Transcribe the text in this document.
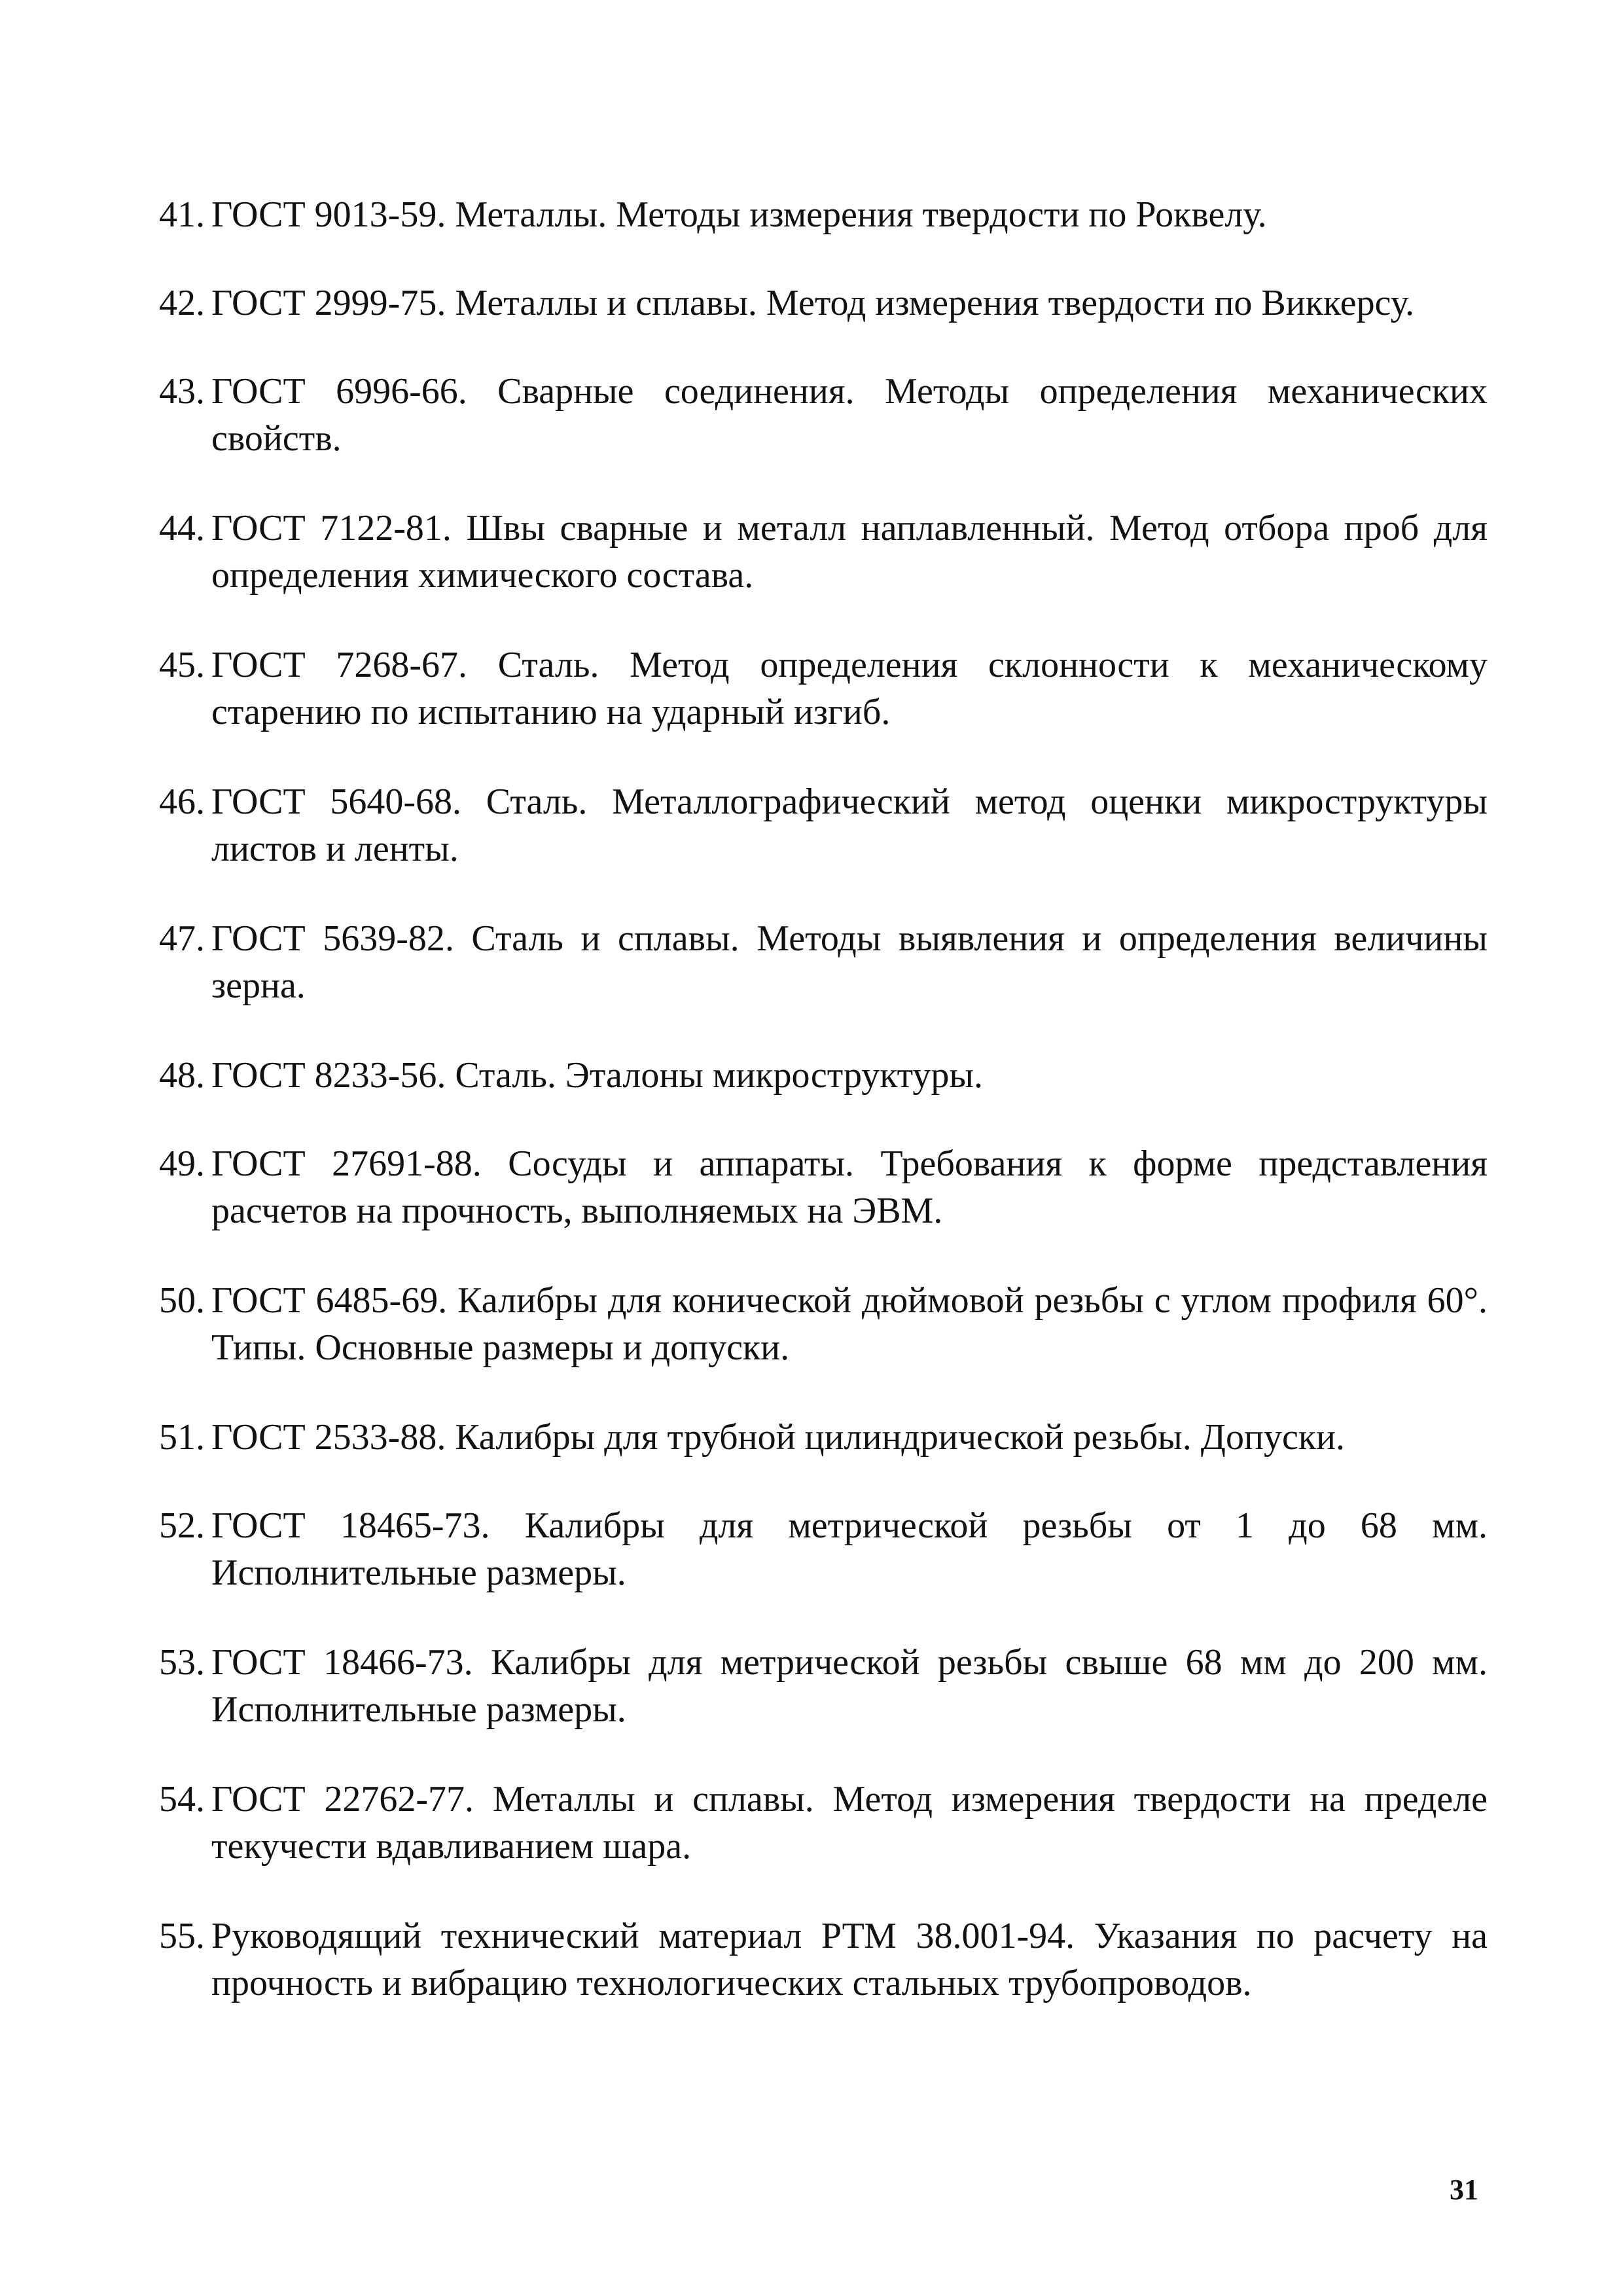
41. ГОСТ 9013-59. Металлы. Методы измерения твердости по Роквелу.
42. ГОСТ 2999-75. Металлы и сплавы. Метод измерения твердости по Виккерсу.
43. ГОСТ 6996-66. Сварные соединения. Методы определения механических свойств.
44. ГОСТ 7122-81. Швы сварные и металл наплавленный. Метод отбора проб для определения химического состава.
45. ГОСТ 7268-67. Сталь. Метод определения склонности к механическому старению по испытанию на ударный изгиб.
46. ГОСТ 5640-68. Сталь. Металлографический метод оценки микроструктуры листов и ленты.
47. ГОСТ 5639-82. Сталь и сплавы. Методы выявления и определения величины зерна.
48. ГОСТ 8233-56. Сталь. Эталоны микроструктуры.
49. ГОСТ 27691-88. Сосуды и аппараты. Требования к форме представления расчетов на прочность, выполняемых на ЭВМ.
50. ГОСТ 6485-69. Калибры для конической дюймовой резьбы с углом профиля 60°. Типы. Основные размеры и допуски.
51. ГОСТ 2533-88. Калибры для трубной цилиндрической резьбы. Допуски.
52. ГОСТ 18465-73. Калибры для метрической резьбы от 1 до 68 мм. Исполнительные размеры.
53. ГОСТ 18466-73. Калибры для метрической резьбы свыше 68 мм до 200 мм. Исполнительные размеры.
54. ГОСТ 22762-77. Металлы и сплавы. Метод измерения твердости на пределе текучести вдавливанием шара.
55. Руководящий технический материал РТМ 38.001-94. Указания по расчету на прочность и вибрацию технологических стальных трубопроводов.
31
